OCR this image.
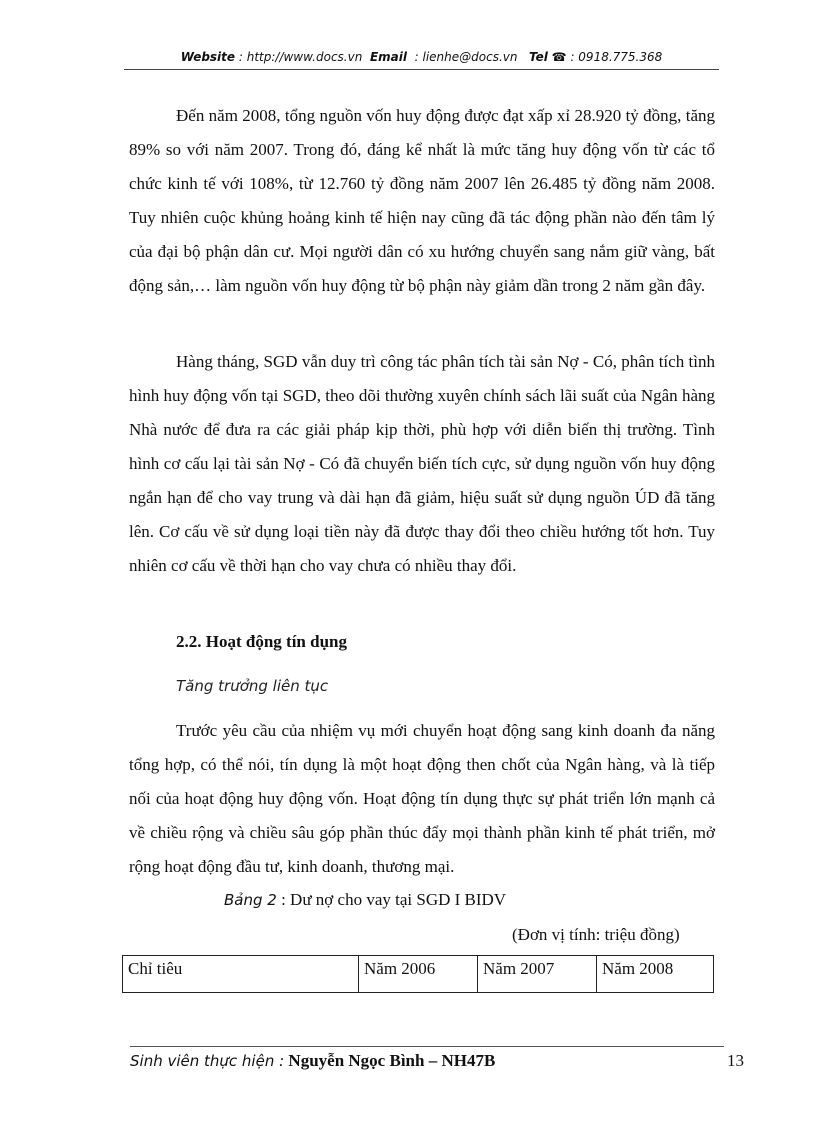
Website : http://www.docs.vn Email : lienhe@docs.vn Tel ☎ : 0918.775.368

Đến năm 2008, tổng nguồn vốn huy động được đạt xấp xỉ 28.920 tỷ đồng, tăng 89% so với năm 2007. Trong đó, đáng kể nhất là mức tăng huy động vốn từ các tổ chức kinh tế với 108%, từ 12.760 tỷ đồng năm 2007 lên 26.485 tỷ đồng năm 2008. Tuy nhiên cuộc khủng hoảng kinh tế hiện nay cũng đã tác động phần nào đến tâm lý của đại bộ phận dân cư. Mọi người dân có xu hướng chuyển sang nắm giữ vàng, bất động sản,… làm nguồn vốn huy động từ bộ phận này giảm dần trong 2 năm gần đây.

Hàng tháng, SGD vẫn duy trì công tác phân tích tài sản Nợ - Có, phân tích tình hình huy động vốn tại SGD, theo dõi thường xuyên chính sách lãi suất của Ngân hàng Nhà nước để đưa ra các giải pháp kịp thời, phù hợp với diễn biến thị trường. Tình hình cơ cấu lại tài sản Nợ - Có đã chuyển biến tích cực, sử dụng nguồn vốn huy động ngắn hạn để cho vay trung và dài hạn đã giảm, hiệu suất sử dụng nguồn ÚD đã tăng lên. Cơ cấu về sử dụng loại tiền này đã được thay đổi theo chiều hướng tốt hơn. Tuy nhiên cơ cấu về thời hạn cho vay chưa có nhiều thay đổi.

2.2. Hoạt động tín dụng

Tăng trưởng liên tục

Trước yêu cầu của nhiệm vụ mới chuyển hoạt động sang kinh doanh đa năng tổng hợp, có thể nói, tín dụng là một hoạt động then chốt của Ngân hàng, và là tiếp nối của hoạt động huy động vốn. Hoạt động tín dụng thực sự phát triển lớn mạnh cả về chiều rộng và chiều sâu góp phần thúc đẩy mọi thành phần kinh tế phát triển, mở rộng hoạt động đầu tư, kinh doanh, thương mại.

Bảng 2 : Dư nợ cho vay tại SGD I BIDV

(Đơn vị tính: triệu đồng)

Chỉ tiêu	Năm 2006	Năm 2007	Năm 2008

Sinh viên thực hiện : Nguyễn Ngọc Bình – NH47B	13
